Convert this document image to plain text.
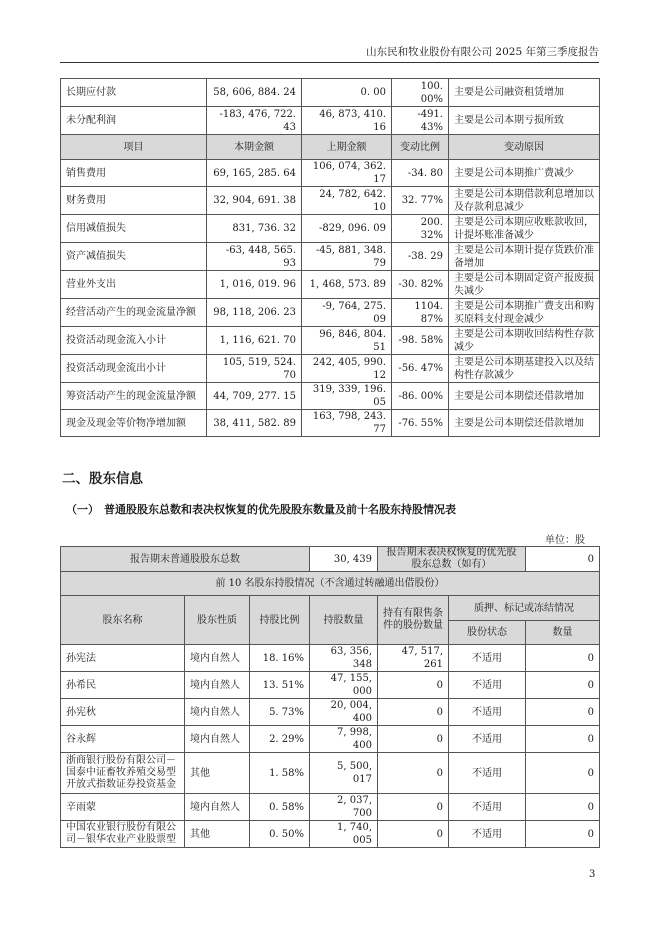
山东民和牧业股份有限公司 2025 年第三季度报告
长期应付款	58, 606, 884. 24	0. 00	100. 00%	主要是公司融资租赁增加
未分配利润	-183, 476, 722. 43	46, 873, 410. 16	-491. 43%	主要是公司本期亏损所致
项目	本期金额	上期金额	变动比例	变动原因
销售费用	69, 165, 285. 64	106, 074, 362. 17	-34. 80	主要是公司本期推广费减少
财务费用	32, 904, 691. 38	24, 782, 642. 10	32. 77%	主要是公司本期借款利息增加以及存款利息减少
信用减值损失	831, 736. 32	-829, 096. 09	200. 32%	主要是公司本期应收账款收回，计提坏账准备减少
资产减值损失	-63, 448, 565. 93	-45, 881, 348. 79	-38. 29	主要是公司本期计提存货跌价准备增加
营业外支出	1, 016, 019. 96	1, 468, 573. 89	-30. 82%	主要是公司本期固定资产报废损失减少
经营活动产生的现金流量净额	98, 118, 206. 23	-9, 764, 275. 09	1104. 87%	主要是公司本期推广费支出和购买原料支付现金减少
投资活动现金流入小计	1, 116, 621. 70	96, 846, 804. 51	-98. 58%	主要是公司本期收回结构性存款减少
投资活动现金流出小计	105, 519, 524. 70	242, 405, 990. 12	-56. 47%	主要是公司本期基建投入以及结构性存款减少
筹资活动产生的现金流量净额	44, 709, 277. 15	319, 339, 196. 05	-86. 00%	主要是公司本期偿还借款增加
现金及现金等价物净增加额	38, 411, 582. 89	163, 798, 243. 77	-76. 55%	主要是公司本期偿还借款增加
二、股东信息
（一） 普通股股东总数和表决权恢复的优先股股东数量及前十名股东持股情况表
单位：股
报告期末普通股股东总数			30, 439	报告期末表决权恢复的优先股股东总数（如有）		0
前 10 名股东持股情况（不含通过转融通出借股份）						
股东名称	股东性质	持股比例	持股数量	持有有限售条件的股份数量	质押、标记或冻结情况	
					股份状态	数量
孙宪法	境内自然人	18. 16%	63, 356, 348	47, 517, 261	不适用	0
孙希民	境内自然人	13. 51%	47, 155, 000	0	不适用	0
孙宪秋	境内自然人	5. 73%	20, 004, 400	0	不适用	0
谷永辉	境内自然人	2. 29%	7, 998, 400	0	不适用	0
浙商银行股份有限公司－国泰中证畜牧养殖交易型开放式指数证券投资基金	其他	1. 58%	5, 500, 017	0	不适用	0
辛雨蒙	境内自然人	0. 58%	2, 037, 700	0	不适用	0
中国农业银行股份有限公司－银华农业产业股票型	其他	0. 50%	1, 740, 005	0	不适用	0
3
